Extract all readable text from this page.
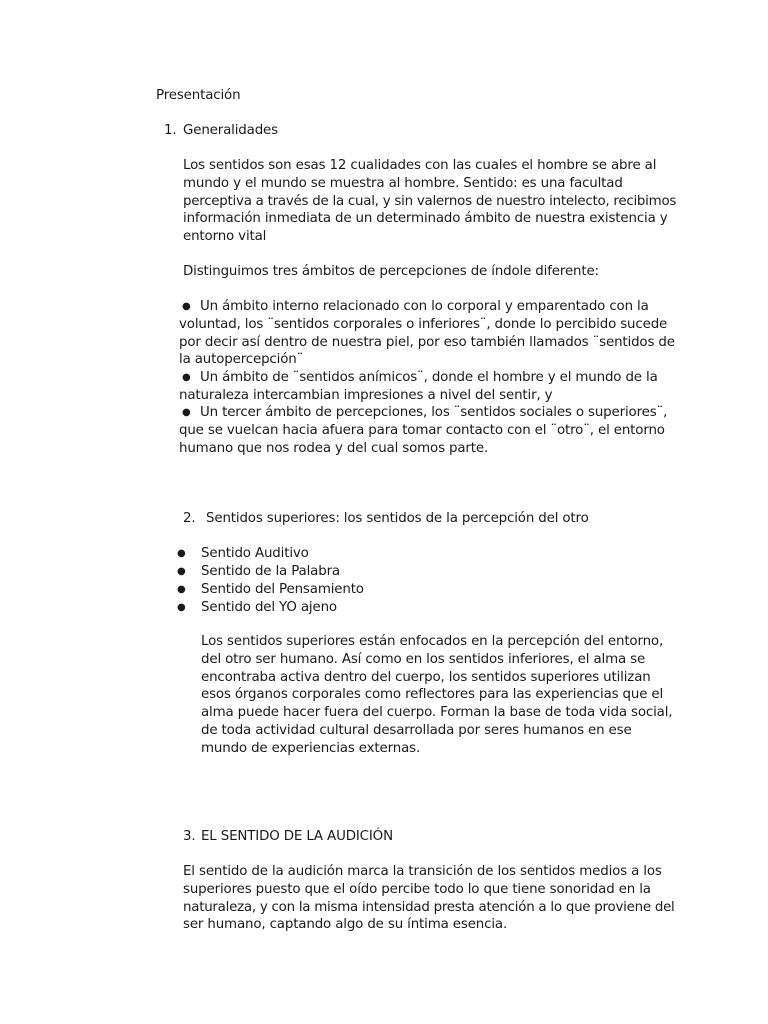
Presentación
1. Generalidades
Los sentidos son esas 12 cualidades con las cuales el hombre se abre al
mundo y el mundo se muestra al hombre. Sentido: es una facultad
perceptiva a través de la cual, y sin valernos de nuestro intelecto, recibimos
información inmediata de un determinado ámbito de nuestra existencia y
entorno vital
Distinguimos tres ámbitos de percepciones de índole diferente:
● Un ámbito interno relacionado con lo corporal y emparentado con la
voluntad, los ¨sentidos corporales o inferiores¨, donde lo percibido sucede
por decir así dentro de nuestra piel, por eso también llamados ¨sentidos de
la autopercepción¨
● Un ámbito de ¨sentidos anímicos¨, donde el hombre y el mundo de la
naturaleza intercambian impresiones a nivel del sentir, y
● Un tercer ámbito de percepciones, los ¨sentidos sociales o superiores¨,
que se vuelcan hacia afuera para tomar contacto con el ¨otro¨, el entorno
humano que nos rodea y del cual somos parte.
2. Sentidos superiores: los sentidos de la percepción del otro
● Sentido Auditivo
● Sentido de la Palabra
● Sentido del Pensamiento
● Sentido del YO ajeno
Los sentidos superiores están enfocados en la percepción del entorno,
del otro ser humano. Así como en los sentidos inferiores, el alma se
encontraba activa dentro del cuerpo, los sentidos superiores utilizan
esos órganos corporales como reflectores para las experiencias que el
alma puede hacer fuera del cuerpo. Forman la base de toda vida social,
de toda actividad cultural desarrollada por seres humanos en ese
mundo de experiencias externas.
3. EL SENTIDO DE LA AUDICIÓN
El sentido de la audición marca la transición de los sentidos medios a los
superiores puesto que el oído percibe todo lo que tiene sonoridad en la
naturaleza, y con la misma intensidad presta atención a lo que proviene del
ser humano, captando algo de su íntima esencia.
